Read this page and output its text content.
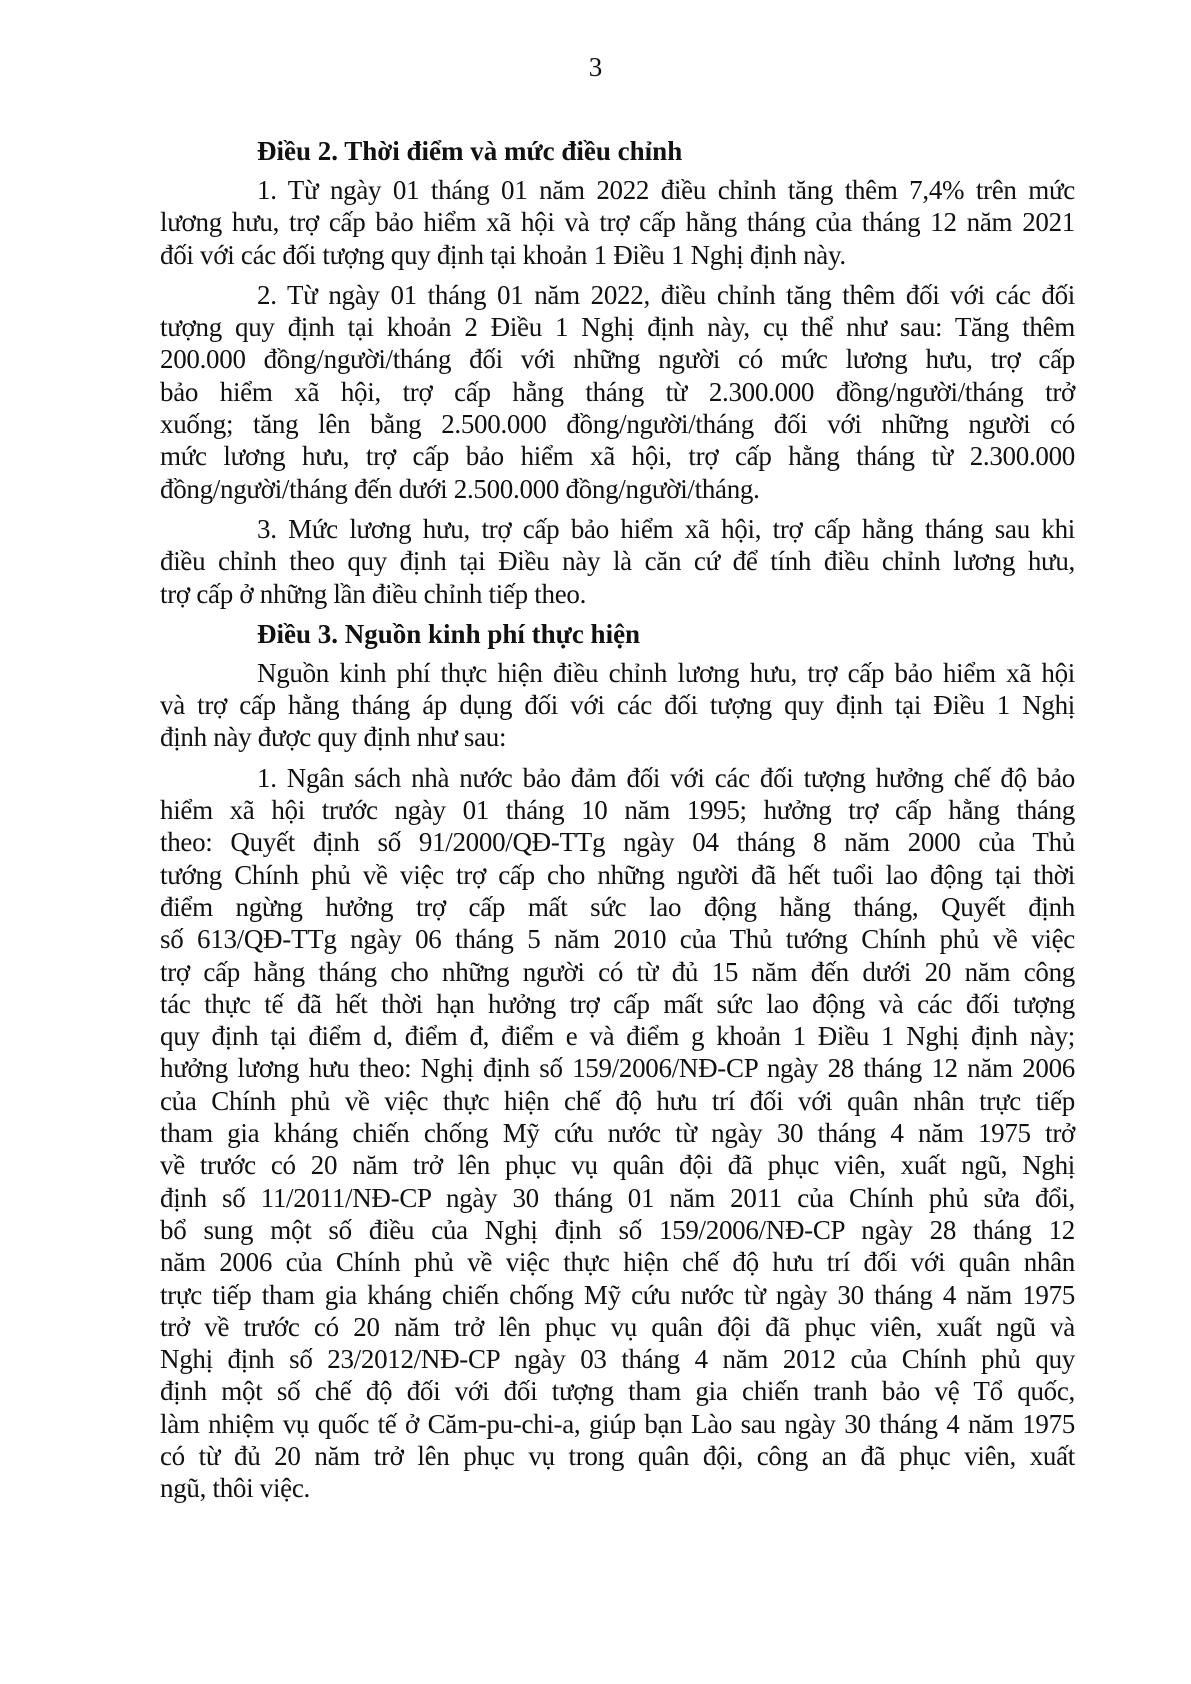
3
Điều 2. Thời điểm và mức điều chỉnh
1. Từ ngày 01 tháng 01 năm 2022 điều chỉnh tăng thêm 7,4% trên mức
lương hưu, trợ cấp bảo hiểm xã hội và trợ cấp hằng tháng của tháng 12 năm 2021
đối với các đối tượng quy định tại khoản 1 Điều 1 Nghị định này.
2. Từ ngày 01 tháng 01 năm 2022, điều chỉnh tăng thêm đối với các đối
tượng quy định tại khoản 2 Điều 1 Nghị định này, cụ thể như sau: Tăng thêm
200.000 đồng/người/tháng đối với những người có mức lương hưu, trợ cấp
bảo hiểm xã hội, trợ cấp hằng tháng từ 2.300.000 đồng/người/tháng trở
xuống; tăng lên bằng 2.500.000 đồng/người/tháng đối với những người có
mức lương hưu, trợ cấp bảo hiểm xã hội, trợ cấp hằng tháng từ 2.300.000
đồng/người/tháng đến dưới 2.500.000 đồng/người/tháng.
3. Mức lương hưu, trợ cấp bảo hiểm xã hội, trợ cấp hằng tháng sau khi
điều chỉnh theo quy định tại Điều này là căn cứ để tính điều chỉnh lương hưu,
trợ cấp ở những lần điều chỉnh tiếp theo.
Điều 3. Nguồn kinh phí thực hiện
Nguồn kinh phí thực hiện điều chỉnh lương hưu, trợ cấp bảo hiểm xã hội
và trợ cấp hằng tháng áp dụng đối với các đối tượng quy định tại Điều 1 Nghị
định này được quy định như sau:
1. Ngân sách nhà nước bảo đảm đối với các đối tượng hưởng chế độ bảo
hiểm xã hội trước ngày 01 tháng 10 năm 1995; hưởng trợ cấp hằng tháng
theo: Quyết định số 91/2000/QĐ-TTg ngày 04 tháng 8 năm 2000 của Thủ
tướng Chính phủ về việc trợ cấp cho những người đã hết tuổi lao động tại thời
điểm ngừng hưởng trợ cấp mất sức lao động hằng tháng, Quyết định
số 613/QĐ-TTg ngày 06 tháng 5 năm 2010 của Thủ tướng Chính phủ về việc
trợ cấp hằng tháng cho những người có từ đủ 15 năm đến dưới 20 năm công
tác thực tế đã hết thời hạn hưởng trợ cấp mất sức lao động và các đối tượng
quy định tại điểm d, điểm đ, điểm e và điểm g khoản 1 Điều 1 Nghị định này;
hưởng lương hưu theo: Nghị định số 159/2006/NĐ-CP ngày 28 tháng 12 năm 2006
của Chính phủ về việc thực hiện chế độ hưu trí đối với quân nhân trực tiếp
tham gia kháng chiến chống Mỹ cứu nước từ ngày 30 tháng 4 năm 1975 trở
về trước có 20 năm trở lên phục vụ quân đội đã phục viên, xuất ngũ, Nghị
định số 11/2011/NĐ-CP ngày 30 tháng 01 năm 2011 của Chính phủ sửa đổi,
bổ sung một số điều của Nghị định số 159/2006/NĐ-CP ngày 28 tháng 12
năm 2006 của Chính phủ về việc thực hiện chế độ hưu trí đối với quân nhân
trực tiếp tham gia kháng chiến chống Mỹ cứu nước từ ngày 30 tháng 4 năm 1975
trở về trước có 20 năm trở lên phục vụ quân đội đã phục viên, xuất ngũ và
Nghị định số 23/2012/NĐ-CP ngày 03 tháng 4 năm 2012 của Chính phủ quy
định một số chế độ đối với đối tượng tham gia chiến tranh bảo vệ Tổ quốc,
làm nhiệm vụ quốc tế ở Căm-pu-chi-a, giúp bạn Lào sau ngày 30 tháng 4 năm 1975
có từ đủ 20 năm trở lên phục vụ trong quân đội, công an đã phục viên, xuất
ngũ, thôi việc.
